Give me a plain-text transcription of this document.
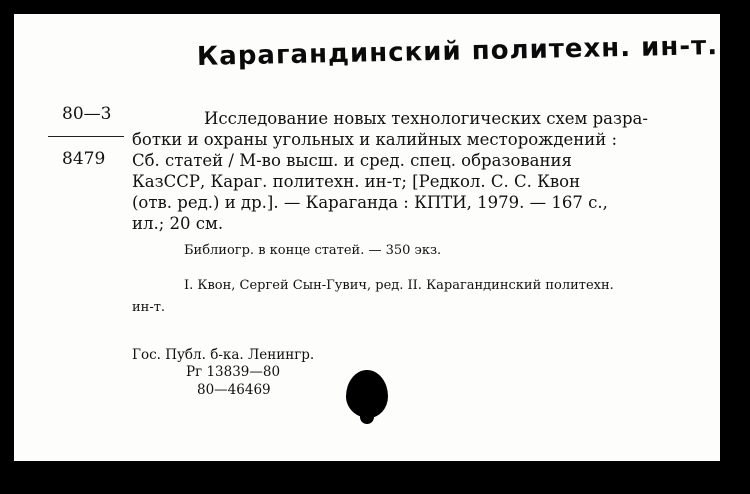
Карагандинский политехн. ин-т.
80—3
8479
Исследование новых технологических схем разра-
ботки и охраны угольных и калийных месторождений :
Сб. статей / М-во высш. и сред. спец. образования
КазССР, Караг. политехн. ин-т; [Редкол. С. С. Квон
(отв. ред.) и др.]. — Караганда : КПТИ, 1979. — 167 с.,
ил.; 20 см.
Библиогр. в конце статей. — 350 экз.
I. Квон, Сергей Сын-Гувич, ред. II. Карагандинский политехн.
ин-т.
Гос. Публ. б-ка. Ленингр.
Рг 13839—80
80—46469
